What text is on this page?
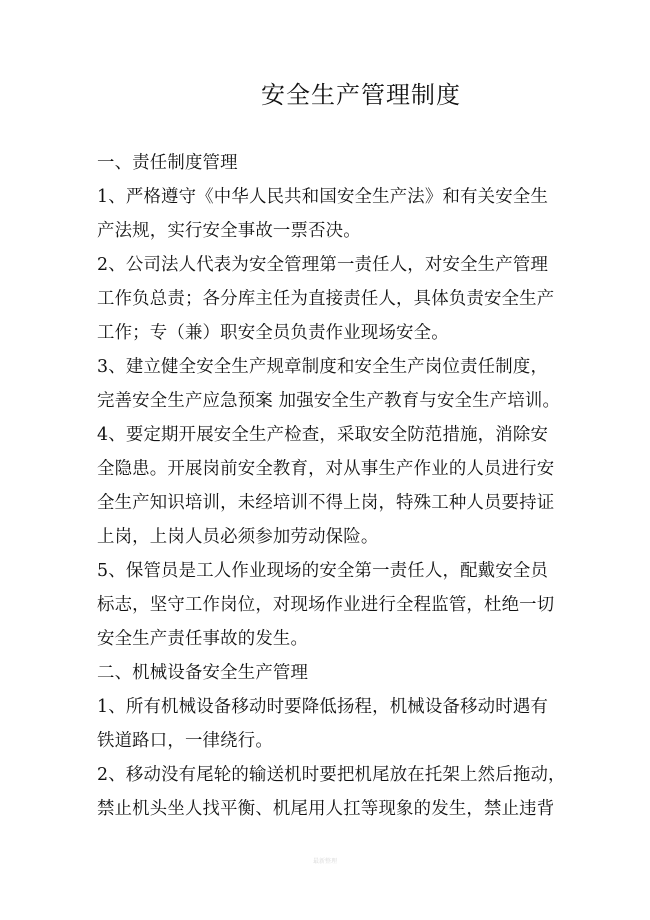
安全生产管理制度
一、责任制度管理
1、严格遵守《中华人民共和国安全生产法》和有关安全生
产法规，实行安全事故一票否决。
2、公司法人代表为安全管理第一责任人，对安全生产管理
工作负总责；各分库主任为直接责任人，具体负责安全生产
工作；专（兼）职安全员负责作业现场安全。
3、建立健全安全生产规章制度和安全生产岗位责任制度，
完善安全生产应急预案 加强安全生产教育与安全生产培训。
4、要定期开展安全生产检查，采取安全防范措施，消除安
全隐患。开展岗前安全教育，对从事生产作业的人员进行安
全生产知识培训，未经培训不得上岗，特殊工种人员要持证
上岗，上岗人员必须参加劳动保险。
5、保管员是工人作业现场的安全第一责任人，配戴安全员
标志，坚守工作岗位，对现场作业进行全程监管，杜绝一切
安全生产责任事故的发生。
二、机械设备安全生产管理
1、所有机械设备移动时要降低扬程，机械设备移动时遇有
铁道路口，一律绕行。
2、移动没有尾轮的输送机时要把机尾放在托架上然后拖动，
禁止机头坐人找平衡、机尾用人扛等现象的发生，禁止违背
最新整理
